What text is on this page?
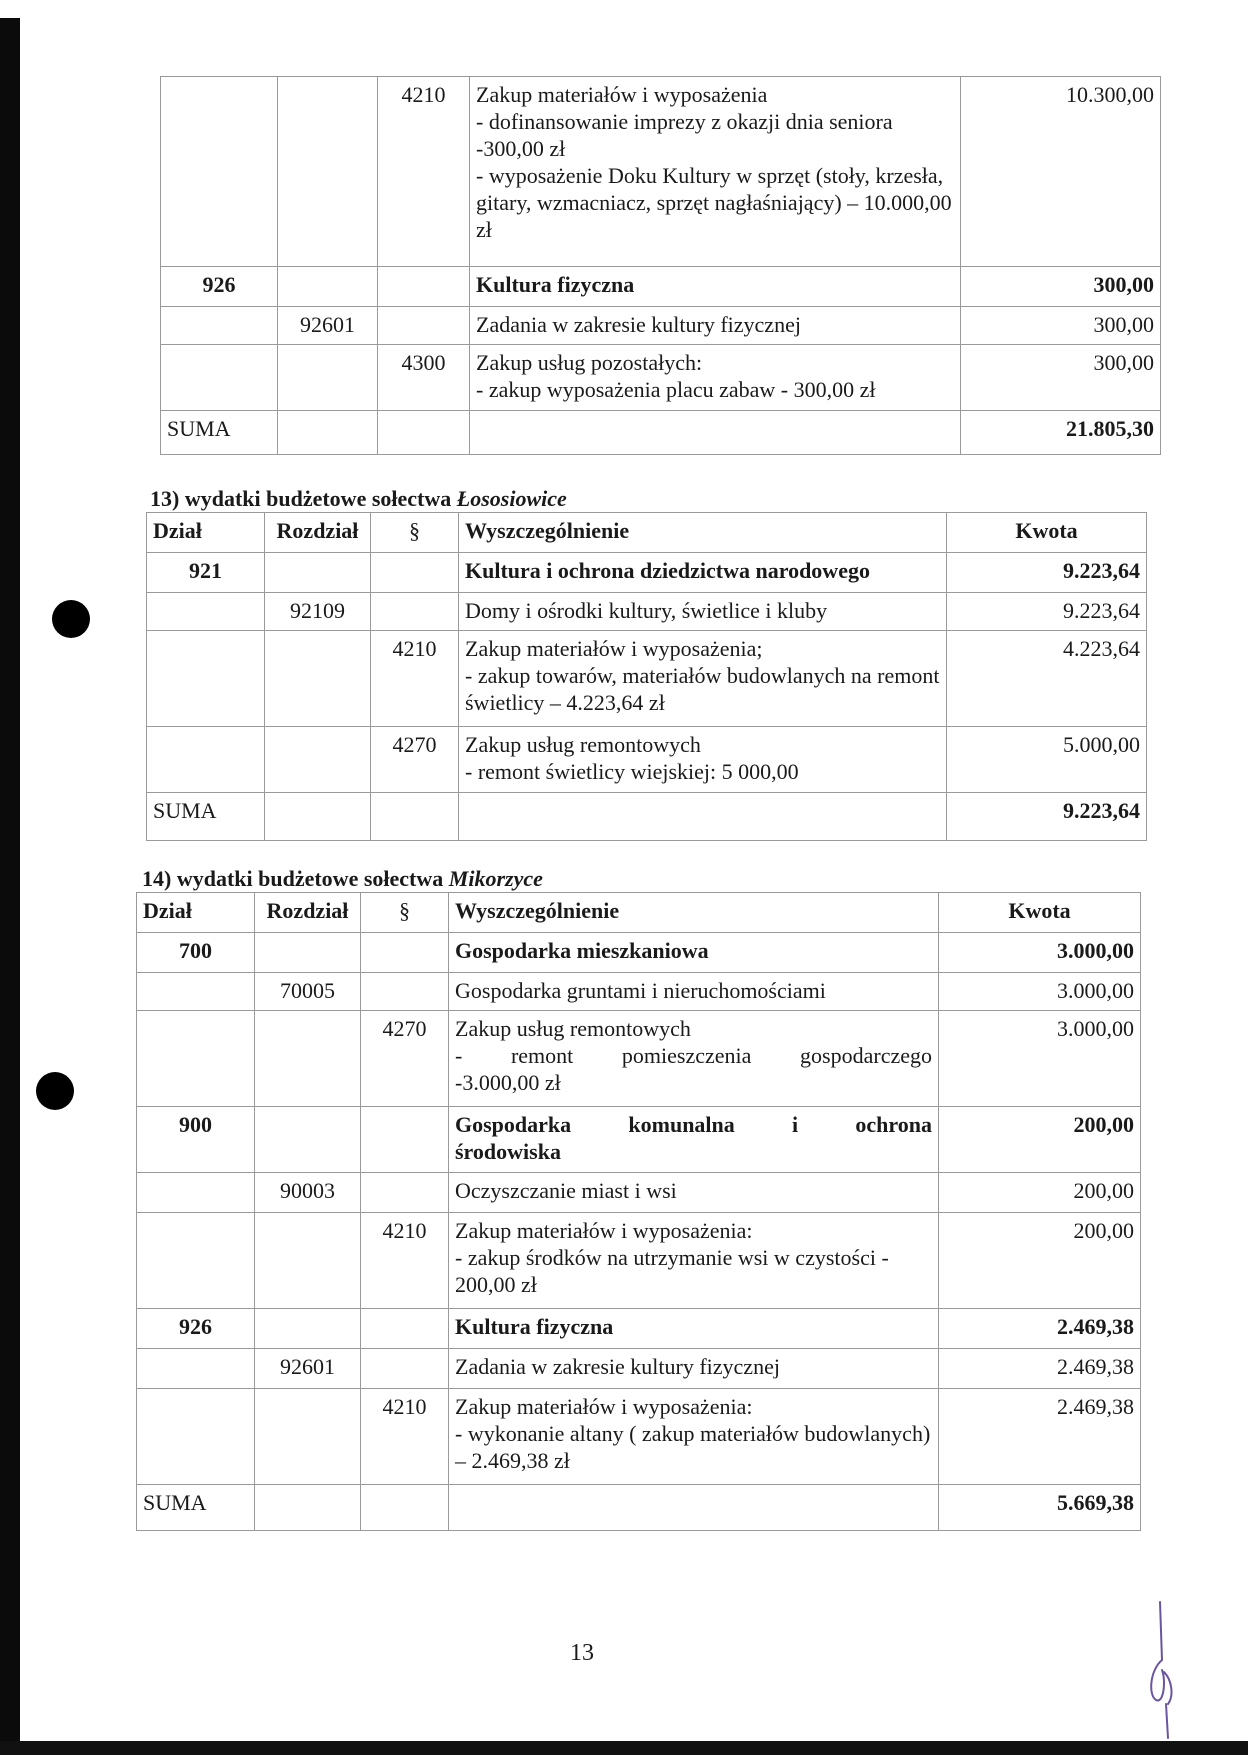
		4210	Zakup materiałów i wyposażenia
- dofinansowanie imprezy z okazji dnia seniora -300,00 zł
- wyposażenie Doku Kultury w sprzęt (stoły, krzesła, gitary, wzmacniacz, sprzęt nagłaśniający) – 10.000,00 zł	10.300,00
926			Kultura fizyczna	300,00
	92601		Zadania w zakresie kultury fizycznej	300,00
		4300	Zakup usług pozostałych:
- zakup wyposażenia placu zabaw - 300,00 zł	300,00
SUMA				21.805,30
13) wydatki budżetowe sołectwa Łososiowice
Dział	Rozdział	§	Wyszczególnienie	Kwota
921			Kultura i ochrona dziedzictwa narodowego	9.223,64
	92109		Domy i ośrodki kultury, świetlice i kluby	9.223,64
		4210	Zakup materiałów i wyposażenia;
- zakup towarów, materiałów budowlanych na remont świetlicy – 4.223,64 zł	4.223,64
		4270	Zakup usług remontowych
- remont świetlicy wiejskiej: 5 000,00	5.000,00
SUMA				9.223,64
14) wydatki budżetowe sołectwa Mikorzyce
Dział	Rozdział	§	Wyszczególnienie	Kwota
700			Gospodarka mieszkaniowa	3.000,00
	70005		Gospodarka gruntami i nieruchomościami	3.000,00
		4270	Zakup usług remontowych
- remont pomieszczenia gospodarczego
-3.000,00 zł	3.000,00
900			Gospodarka komunalna i ochrona
środowiska	200,00
	90003		Oczyszczanie miast i wsi	200,00
		4210	Zakup materiałów i wyposażenia:
- zakup środków na utrzymanie wsi w czystości - 200,00 zł	200,00
926			Kultura fizyczna	2.469,38
	92601		Zadania w zakresie kultury fizycznej	2.469,38
		4210	Zakup materiałów i wyposażenia:
- wykonanie altany ( zakup materiałów budowlanych) – 2.469,38 zł	2.469,38
SUMA				5.669,38
13
